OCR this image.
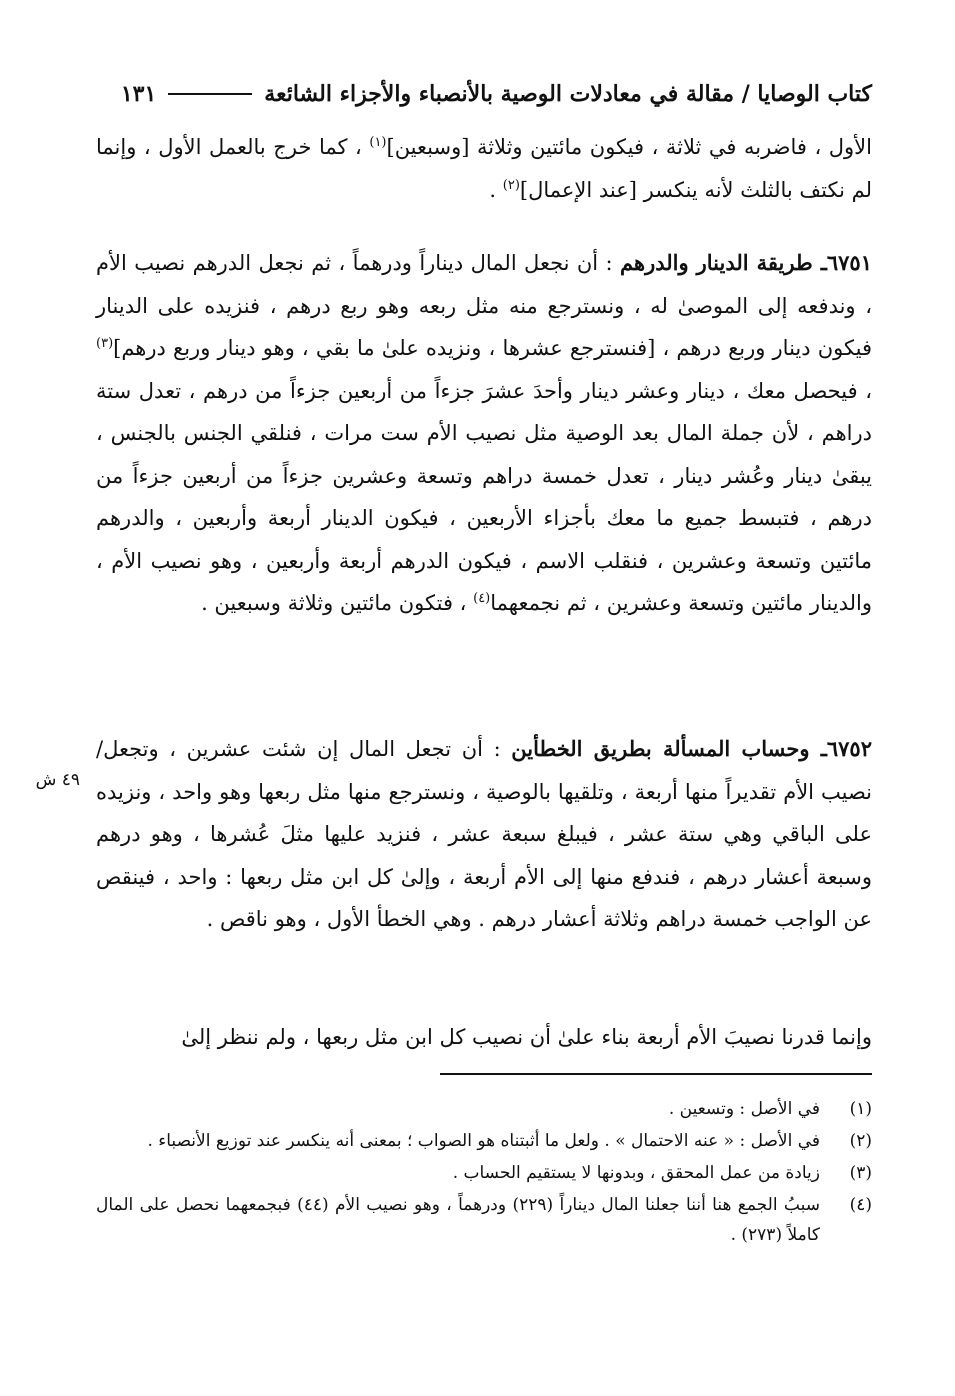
كتاب الوصايا / مقالة في معادلات الوصية بالأنصباء والأجزاء الشائعة
١٣١
الأول ، فاضربه في ثلاثة ، فيكون مائتين وثلاثة [وسبعين]$^{(١)}$ ، كما خرج بالعمل الأول ، وإنما لم نكتف بالثلث لأنه ينكسر [عند الإعمال]$^{(٢)}$ .
٦٧٥١ـ طريقة الدينار والدرهم : أن نجعل المال ديناراً ودرهماً ، ثم نجعل الدرهم نصيب الأم ، وندفعه إلى الموصىٰ له ، ونسترجع منه مثل ربعه وهو ربع درهم ، فنزيده على الدينار فيكون دينار وربع درهم ، [فنسترجع عشرها ، ونزيده علىٰ ما بقي ، وهو دينار وربع درهم]$^{(٣)}$ ، فيحصل معك ، دينار وعشر دينار وأحدَ عشرَ جزءاً من أربعين جزءاً من درهم ، تعدل ستة دراهم ، لأن جملة المال بعد الوصية مثل نصيب الأم ست مرات ، فنلقي الجنس بالجنس ، يبقىٰ دينار وعُشر دينار ، تعدل خمسة دراهم وتسعة وعشرين جزءاً من أربعين جزءاً من درهم ، فتبسط جميع ما معك بأجزاء الأربعين ، فيكون الدينار أربعة وأربعين ، والدرهم مائتين وتسعة وعشرين ، فنقلب الاسم ، فيكون الدرهم أربعة وأربعين ، وهو نصيب الأم ، والدينار مائتين وتسعة وعشرين ، ثم نجمعهما$^{(٤)}$ ، فتكون مائتين وثلاثة وسبعين .
٦٧٥٢ـ وحساب المسألة بطريق الخطأين : أن تجعل المال إن شئت عشرين ، وتجعل/ نصيب الأم تقديراً منها أربعة ، وتلقيها بالوصية ، ونسترجع منها مثل ربعها وهو واحد ، ونزيده على الباقي وهي ستة عشر ، فيبلغ سبعة عشر ، فنزيد عليها مثلَ عُشرها ، وهو درهم وسبعة أعشار درهم ، فندفع منها إلى الأم أربعة ، وإلىٰ كل ابن مثل ربعها : واحد ، فينقص عن الواجب خمسة دراهم وثلاثة أعشار درهم . وهي الخطأ الأول ، وهو ناقص .
٤٩ ش
وإنما قدرنا نصيبَ الأم أربعة بناء علىٰ أن نصيب كل ابن مثل ربعها ، ولم ننظر إلىٰ
(١)
في الأصل : وتسعين .
(٢)
في الأصل : « عنه الاحتمال » . ولعل ما أثبتناه هو الصواب ؛ بمعنى أنه ينكسر عند توزيع الأنصباء .
(٣)
زيادة من عمل المحقق ، وبدونها لا يستقيم الحساب .
(٤)
سببُ الجمع هنا أننا جعلنا المال ديناراً (٢٢٩) ودرهماً ، وهو نصيب الأم (٤٤) فبجمعهما نحصل على المال كاملاً (٢٧٣) .
